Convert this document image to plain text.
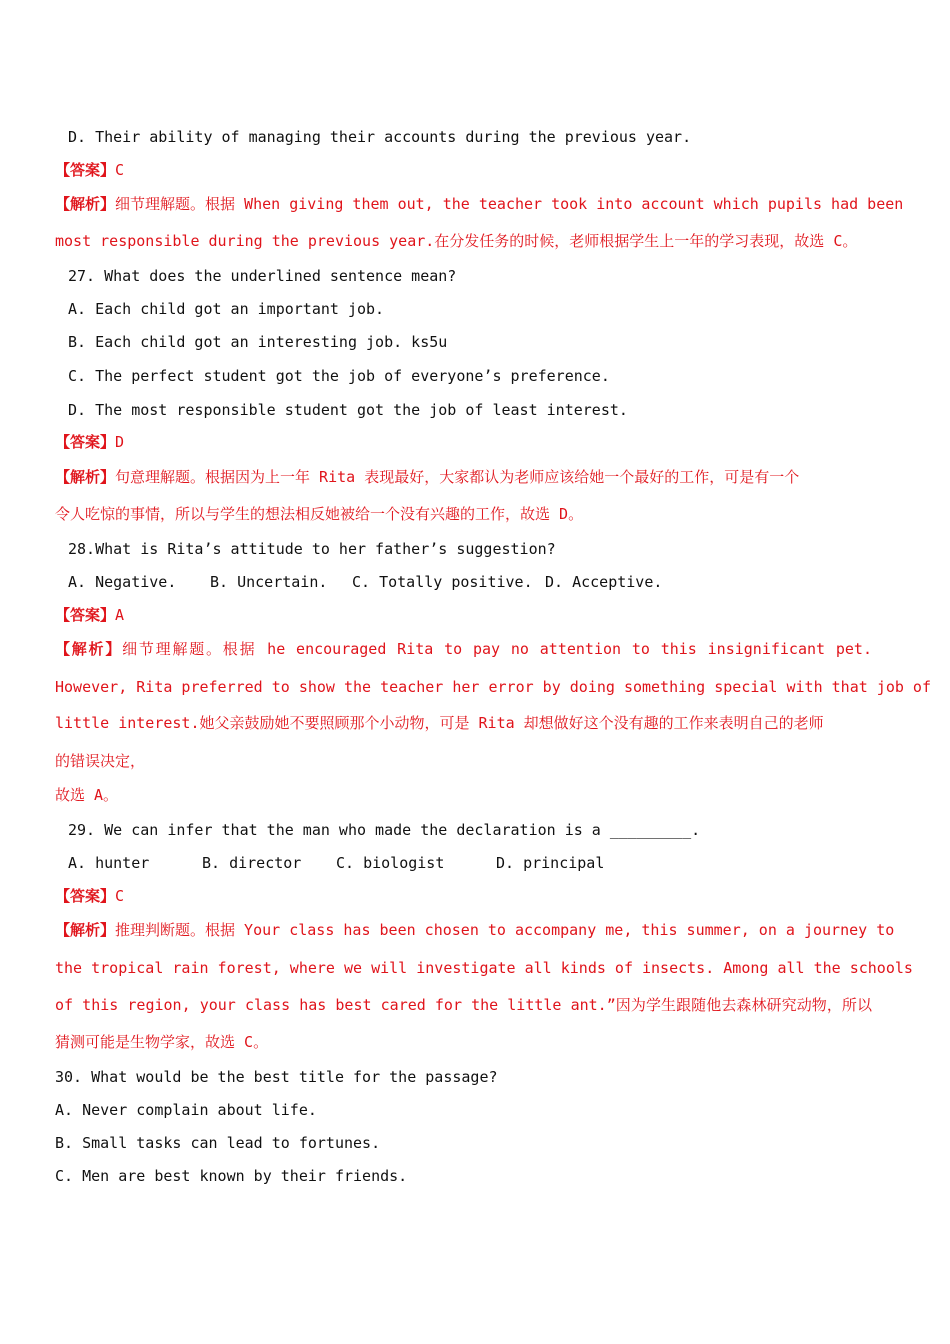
D. Their ability of managing their accounts during the previous year.
【答案】C
【解析】细节理解题。根据 When giving them out, the teacher took into account which pupils had been
most responsible during the previous year.在分发任务的时候，老师根据学生上一年的学习表现，故选 C。
27. What does the underlined sentence mean?
A. Each child got an important job.
B. Each child got an interesting job. ks5u
C. The perfect student got the job of everyone’s preference.
D. The most responsible student got the job of least interest.
【答案】D
【解析】句意理解题。根据因为上一年 Rita 表现最好，大家都认为老师应该给她一个最好的工作，可是有一个
令人吃惊的事情，所以与学生的想法相反她被给一个没有兴趣的工作，故选 D。
28.What is Rita’s attitude to her father’s suggestion?
A. Negative. B. Uncertain. C. Totally positive. D. Acceptive.
【答案】A
【解析】细节理解题。根据 he encouraged Rita to pay no attention to this insignificant pet.
However, Rita preferred to show the teacher her error by doing something special with that job of
little interest.她父亲鼓励她不要照顾那个小动物，可是 Rita 却想做好这个没有趣的工作来表明自己的老师
的错误决定，
故选 A。
29. We can infer that the man who made the declaration is a _________.
A. hunter	B. director C. biologist	D. principal
【答案】C
【解析】推理判断题。根据 Your class has been chosen to accompany me, this summer, on a journey to
the tropical rain forest, where we will investigate all kinds of insects. Among all the schools
of this region, your class has best cared for the little ant.”因为学生跟随他去森林研究动物，所以
猜测可能是生物学家，故选 C。
30. What would be the best title for the passage?
A. Never complain about life.
B. Small tasks can lead to fortunes.
C. Men are best known by their friends.
